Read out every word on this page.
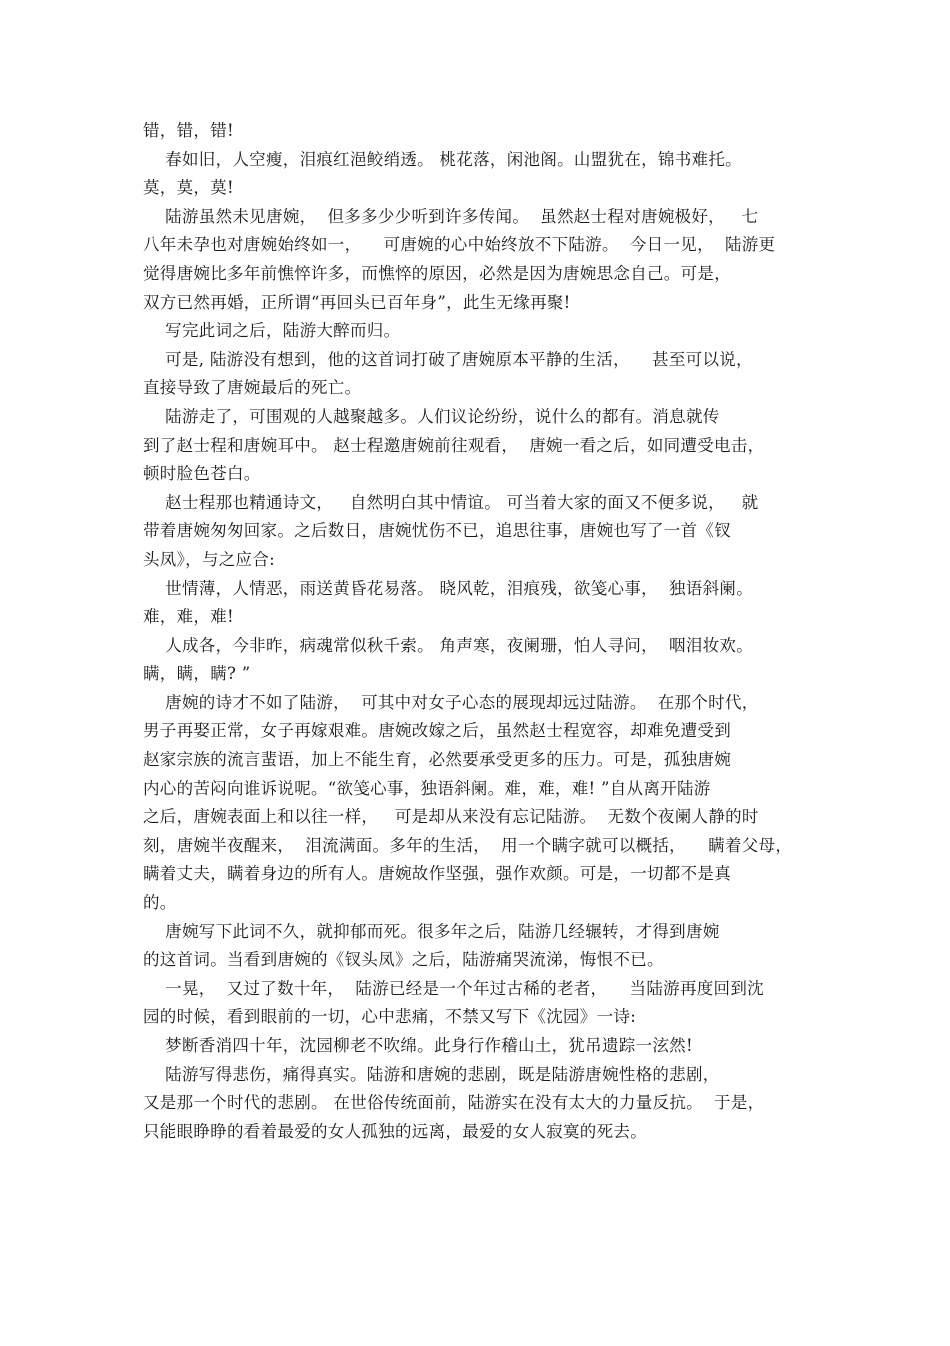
错，错，错!
春如旧，人空瘦，泪痕红浥鲛绡透。 桃花落，闲池阁。山盟犹在，锦书难托。
莫，莫，莫!
陆游虽然未见唐婉，  但多多少少听到许多传闻。  虽然赵士程对唐婉极好，   七
八年未孕也对唐婉始终如一，    可唐婉的心中始终放不下陆游。  今日一见，  陆游更
觉得唐婉比多年前憔悴许多，而憔悴的原因，必然是因为唐婉思念自己。可是，
双方已然再婚，正所谓“再回头已百年身”，此生无缘再聚!
写完此词之后，陆游大醉而归。
可是, 陆游没有想到，他的这首词打破了唐婉原本平静的生活，    甚至可以说，
直接导致了唐婉最后的死亡。
陆游走了，可围观的人越聚越多。人们议论纷纷，说什么的都有。消息就传
到了赵士程和唐婉耳中。 赵士程邀唐婉前往观看，  唐婉一看之后，如同遭受电击，
顿时脸色苍白。
赵士程那也精通诗文，   自然明白其中情谊。 可当着大家的面又不便多说，   就
带着唐婉匆匆回家。之后数日，唐婉忧伤不已，追思往事，唐婉也写了一首《钗
头凤》，与之应合:
世情薄，人情恶，雨送黄昏花易落。 晓风乾，泪痕残，欲笺心事，  独语斜阑。
难，难，难!
人成各，今非昨，病魂常似秋千索。 角声寒，夜阑珊，怕人寻问，  咽泪妆欢。
瞒，瞒，瞒? ”
唐婉的诗才不如了陆游，  可其中对女子心态的展现却远过陆游。  在那个时代，
男子再娶正常，女子再嫁艰难。唐婉改嫁之后，虽然赵士程宽容，却难免遭受到
赵家宗族的流言蜚语，加上不能生育，必然要承受更多的压力。可是，孤独唐婉
内心的苦闷向谁诉说呢。“欲笺心事，独语斜阑。难，难，难! ”自从离开陆游
之后，唐婉表面上和以往一样，   可是却从来没有忘记陆游。  无数个夜阑人静的时
刻，唐婉半夜醒来，  泪流满面。多年的生活，  用一个瞒字就可以概括，    瞒着父母，
瞒着丈夫，瞒着身边的所有人。唐婉故作坚强，强作欢颜。可是，一切都不是真
的。
唐婉写下此词不久，就抑郁而死。很多年之后，陆游几经辗转，才得到唐婉
的这首词。当看到唐婉的《钗头凤》之后，陆游痛哭流涕，悔恨不已。
一晃，  又过了数十年，  陆游已经是一个年过古稀的老者，    当陆游再度回到沈
园的时候，看到眼前的一切，心中悲痛，不禁又写下《沈园》一诗:
梦断香消四十年，沈园柳老不吹绵。此身行作稽山土，犹吊遗踪一泫然!
陆游写得悲伤，痛得真实。陆游和唐婉的悲剧，既是陆游唐婉性格的悲剧，
又是那一个时代的悲剧。 在世俗传统面前，陆游实在没有太大的力量反抗。  于是，
只能眼睁睁的看着最爱的女人孤独的远离，最爱的女人寂寞的死去。
